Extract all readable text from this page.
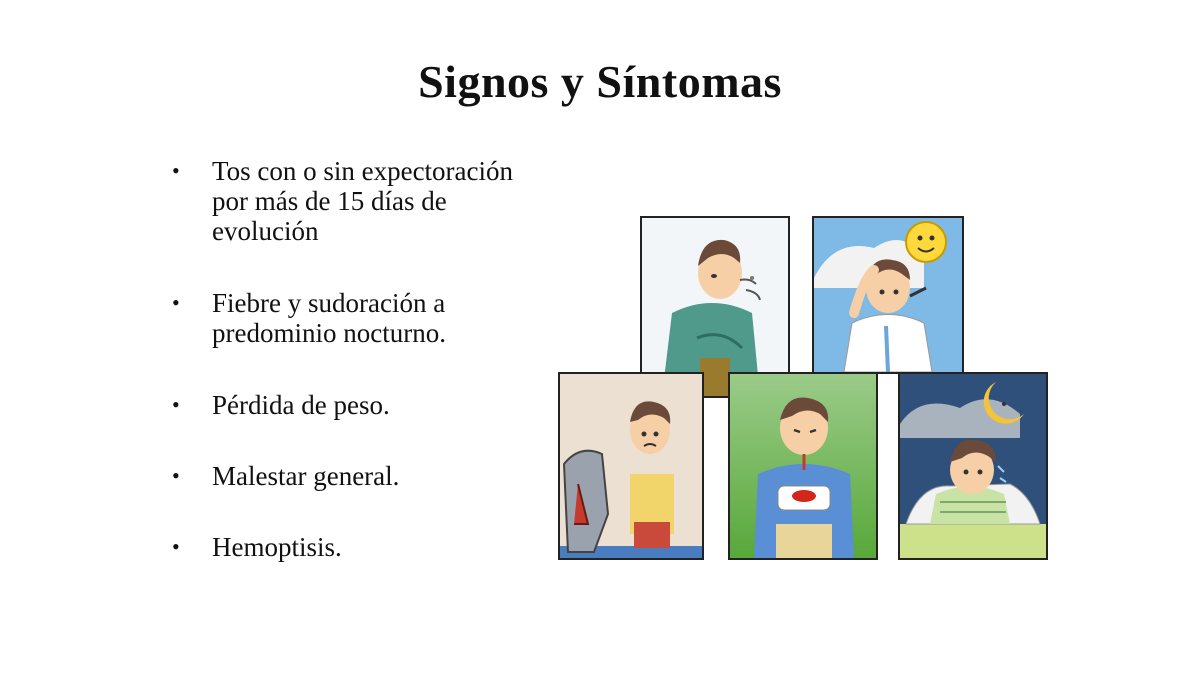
Signos y Síntomas
• Tos con o sin expectoración
por más de 15 días de
evolución
• Fiebre y sudoración a
predominio nocturno.
• Pérdida de peso.
• Malestar general.
• Hemoptisis.
